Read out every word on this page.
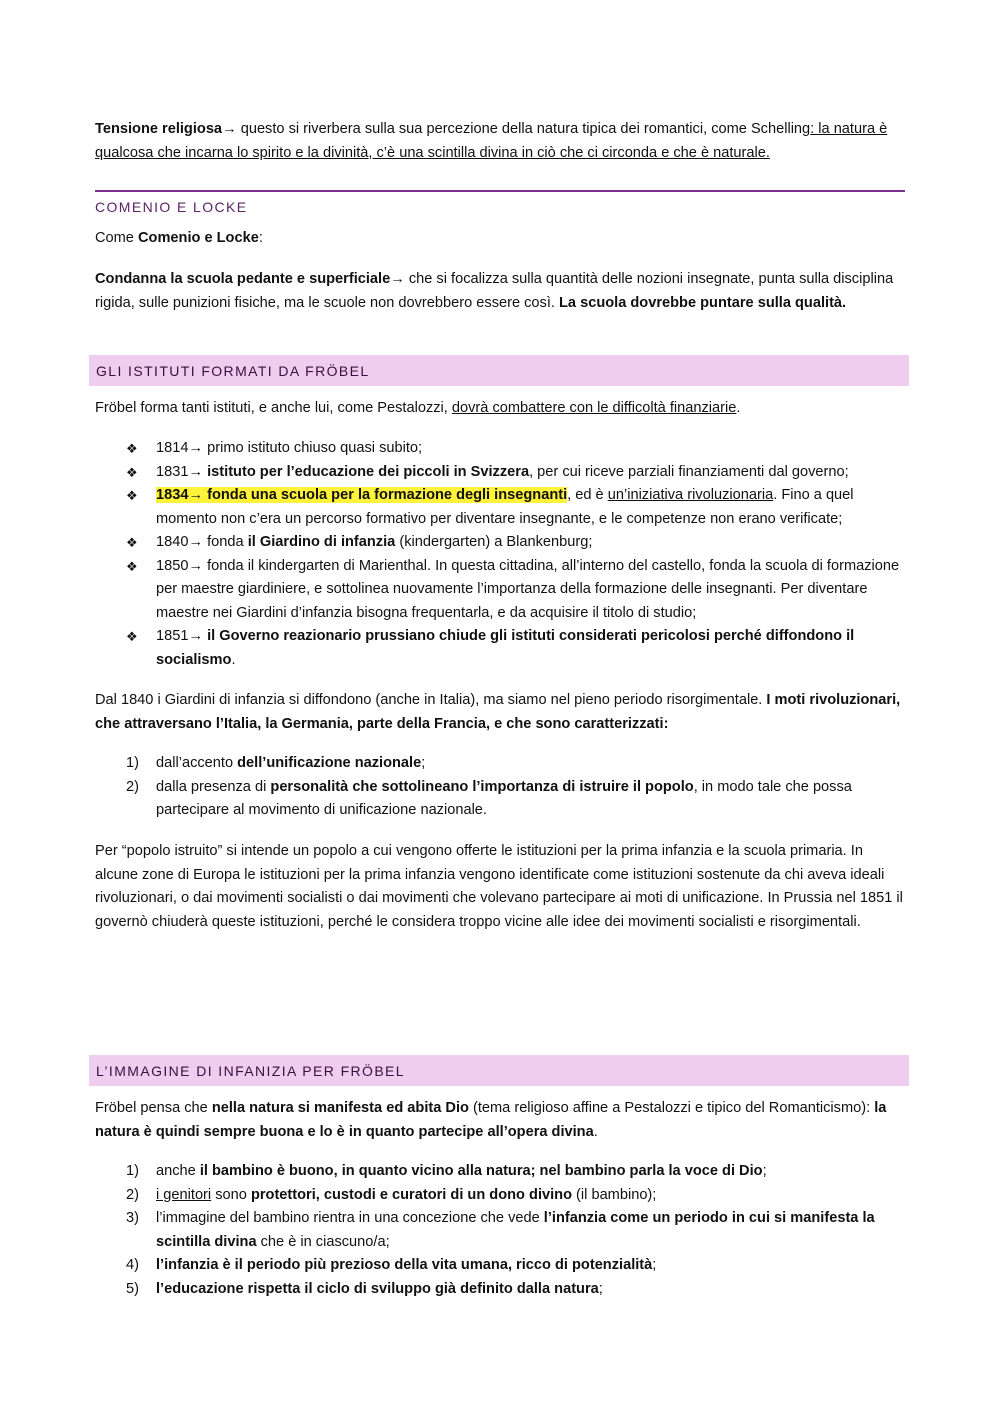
Tensione religiosa→ questo si riverbera sulla sua percezione della natura tipica dei romantici, come Schelling: la natura è qualcosa che incarna lo spirito e la divinità, c’è una scintilla divina in ciò che ci circonda e che è naturale.
COMENIO E LOCKE
Come Comenio e Locke:
Condanna la scuola pedante e superficiale→ che si focalizza sulla quantità delle nozioni insegnate, punta sulla disciplina rigida, sulle punizioni fisiche, ma le scuole non dovrebbero essere così. La scuola dovrebbe puntare sulla qualità.
GLI ISTITUTI FORMATI DA FRÖBEL
Fröbel forma tanti istituti, e anche lui, come Pestalozzi, dovrà combattere con le difficoltà finanziarie.
❖ 1814→ primo istituto chiuso quasi subito;
❖ 1831→ istituto per l’educazione dei piccoli in Svizzera, per cui riceve parziali finanziamenti dal governo;
❖ 1834→ fonda una scuola per la formazione degli insegnanti, ed è un’iniziativa rivoluzionaria. Fino a quel momento non c’era un percorso formativo per diventare insegnante, e le competenze non erano verificate;
❖ 1840→ fonda il Giardino di infanzia (kindergarten) a Blankenburg;
❖ 1850→ fonda il kindergarten di Marienthal. In questa cittadina, all’interno del castello, fonda la scuola di formazione per maestre giardiniere, e sottolinea nuovamente l’importanza della formazione delle insegnanti. Per diventare maestre nei Giardini d’infanzia bisogna frequentarla, e da acquisire il titolo di studio;
❖ 1851→ il Governo reazionario prussiano chiude gli istituti considerati pericolosi perché diffondono il socialismo.
Dal 1840 i Giardini di infanzia si diffondono (anche in Italia), ma siamo nel pieno periodo risorgimentale. I moti rivoluzionari, che attraversano l’Italia, la Germania, parte della Francia, e che sono caratterizzati:
1) dall’accento dell’unificazione nazionale;
2) dalla presenza di personalità che sottolineano l’importanza di istruire il popolo, in modo tale che possa partecipare al movimento di unificazione nazionale.
Per “popolo istruito” si intende un popolo a cui vengono offerte le istituzioni per la prima infanzia e la scuola primaria. In alcune zone di Europa le istituzioni per la prima infanzia vengono identificate come istituzioni sostenute da chi aveva ideali rivoluzionari, o dai movimenti socialisti o dai movimenti che volevano partecipare ai moti di unificazione. In Prussia nel 1851 il governò chiuderà queste istituzioni, perché le considera troppo vicine alle idee dei movimenti socialisti e risorgimentali.
L’IMMAGINE DI INFANIZIA PER FRÖBEL
Fröbel pensa che nella natura si manifesta ed abita Dio (tema religioso affine a Pestalozzi e tipico del Romanticismo): la natura è quindi sempre buona e lo è in quanto partecipe all’opera divina.
1) anche il bambino è buono, in quanto vicino alla natura; nel bambino parla la voce di Dio;
2) i genitori sono protettori, custodi e curatori di un dono divino (il bambino);
3) l’immagine del bambino rientra in una concezione che vede l’infanzia come un periodo in cui si manifesta la scintilla divina che è in ciascuno/a;
4) l’infanzia è il periodo più prezioso della vita umana, ricco di potenzialità;
5) l’educazione rispetta il ciclo di sviluppo già definito dalla natura;
